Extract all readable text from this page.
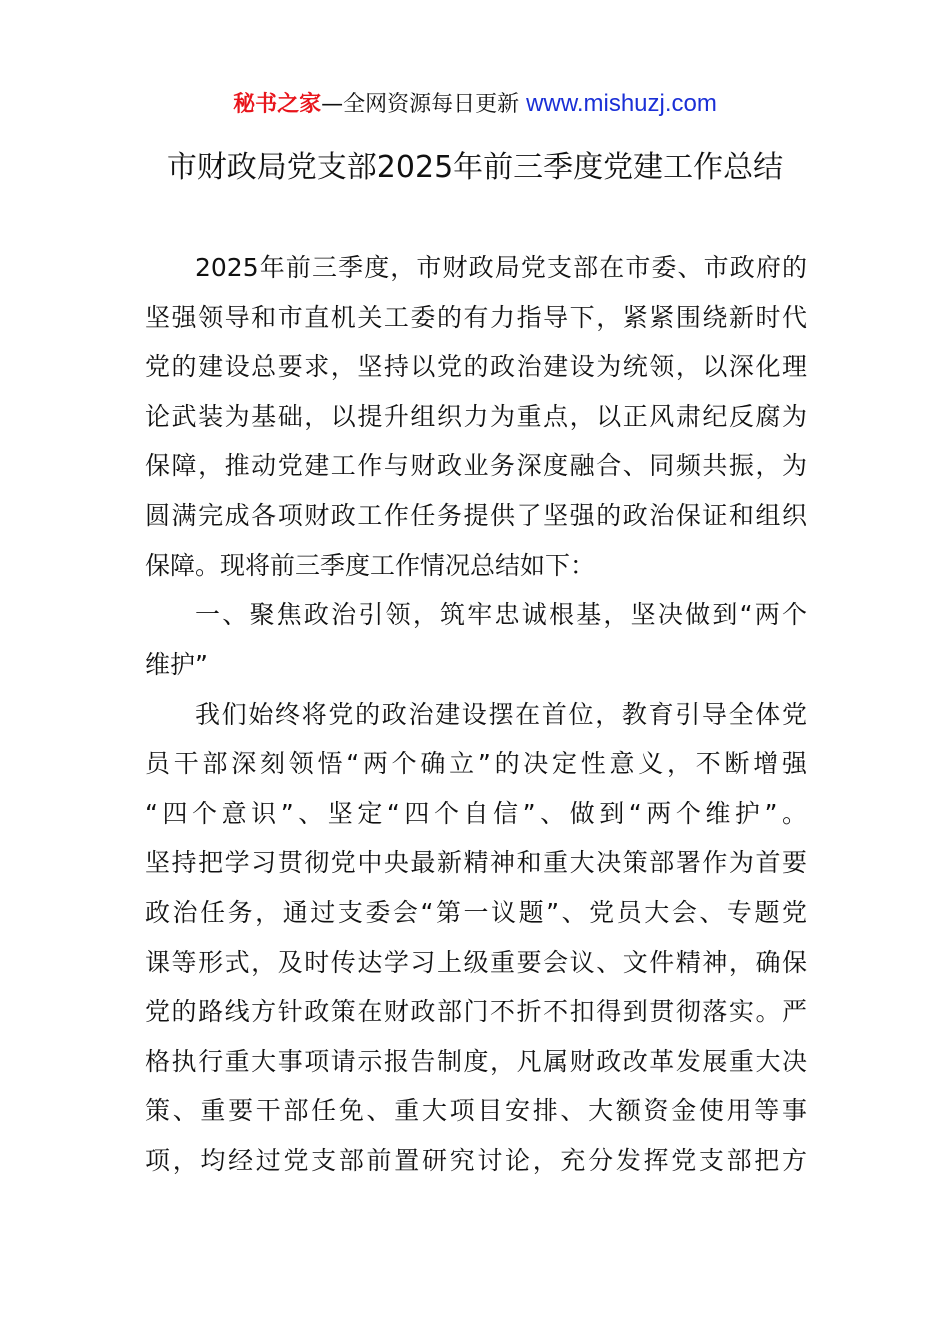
秘书之家—全网资源每日更新 www.mishuzj.com
市财政局党支部2025年前三季度党建工作总结
2025年前三季度，市财政局党支部在市委、市政府的
坚强领导和市直机关工委的有力指导下，紧紧围绕新时代
党的建设总要求，坚持以党的政治建设为统领，以深化理
论武装为基础，以提升组织力为重点，以正风肃纪反腐为
保障，推动党建工作与财政业务深度融合、同频共振，为
圆满完成各项财政工作任务提供了坚强的政治保证和组织
保障。现将前三季度工作情况总结如下：
一、聚焦政治引领，筑牢忠诚根基，坚决做到“两个
维护”
我们始终将党的政治建设摆在首位，教育引导全体党
员干部深刻领悟“两个确立”的决定性意义，不断增强
“四个意识”、坚定“四个自信”、做到“两个维护”。
坚持把学习贯彻党中央最新精神和重大决策部署作为首要
政治任务，通过支委会“第一议题”、党员大会、专题党
课等形式，及时传达学习上级重要会议、文件精神，确保
党的路线方针政策在财政部门不折不扣得到贯彻落实。严
格执行重大事项请示报告制度，凡属财政改革发展重大决
策、重要干部任免、重大项目安排、大额资金使用等事
项，均经过党支部前置研究讨论，充分发挥党支部把方
